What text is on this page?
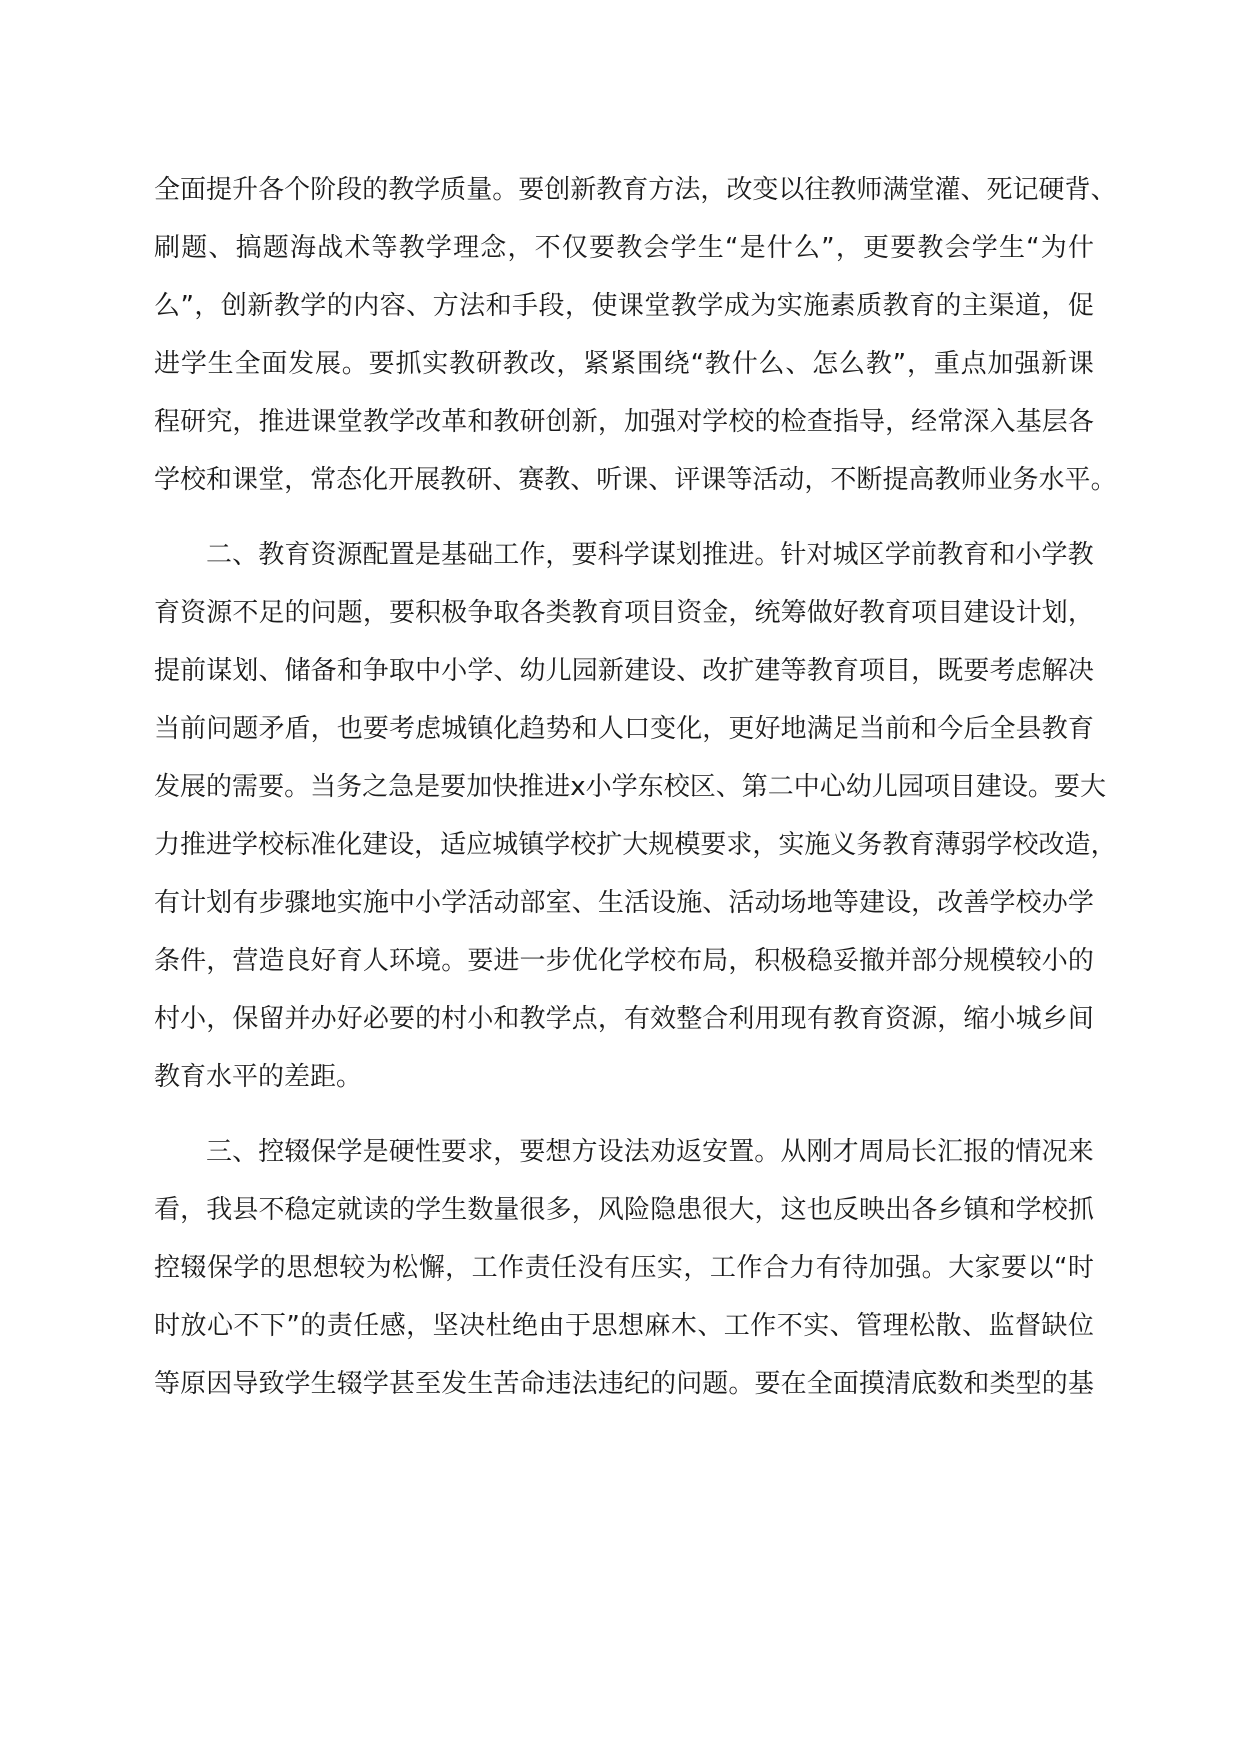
全 面 提 升 各 个 阶 段 的 教 学 质 量 。 要 创 新 教 育 方 法 ， 改 变 以 往 教 师 满 堂 灌 、 死 记 硬 背 、
刷 题 、 搞 题 海 战 术 等 教 学 理 念 ， 不 仅 要 教 会 学 生 “ 是 什 么 ” ， 更 要 教 会 学 生 “ 为 什
么 ” ， 创 新 教 学 的 内 容 、 方 法 和 手 段 ， 使 课 堂 教 学 成 为 实 施 素 质 教 育 的 主 渠 道 ， 促
进 学 生 全 面 发 展 。 要 抓 实 教 研 教 改 ， 紧 紧 围 绕 “ 教 什 么 、 怎 么 教 ” ， 重 点 加 强 新 课
程 研 究 ， 推 进 课 堂 教 学 改 革 和 教 研 创 新 ， 加 强 对 学 校 的 检 查 指 导 ， 经 常 深 入 基 层 各
学 校 和 课 堂 ， 常 态 化 开 展 教 研 、 赛 教 、 听 课 、 评 课 等 活 动 ， 不 断 提 高 教 师 业 务 水 平 。
二 、 教 育 资 源 配 置 是 基 础 工 作 ， 要 科 学 谋 划 推 进 。 针 对 城 区 学 前 教 育 和 小 学 教
育 资 源 不 足 的 问 题 ， 要 积 极 争 取 各 类 教 育 项 目 资 金 ， 统 筹 做 好 教 育 项 目 建 设 计 划 ，
提 前 谋 划 、 储 备 和 争 取 中 小 学 、 幼 儿 园 新 建 设 、 改 扩 建 等 教 育 项 目 ， 既 要 考 虑 解 决
当 前 问 题 矛 盾 ， 也 要 考 虑 城 镇 化 趋 势 和 人 口 变 化 ， 更 好 地 满 足 当 前 和 今 后 全 县 教 育
发 展 的 需 要 。 当 务 之 急 是 要 加 快 推 进 x 小 学 东 校 区 、 第 二 中 心 幼 儿 园 项 目 建 设 。 要 大
力 推 进 学 校 标 准 化 建 设 ， 适 应 城 镇 学 校 扩 大 规 模 要 求 ， 实 施 义 务 教 育 薄 弱 学 校 改 造 ，
有 计 划 有 步 骤 地 实 施 中 小 学 活 动 部 室 、 生 活 设 施 、 活 动 场 地 等 建 设 ， 改 善 学 校 办 学
条 件 ， 营 造 良 好 育 人 环 境 。 要 进 一 步 优 化 学 校 布 局 ， 积 极 稳 妥 撤 并 部 分 规 模 较 小 的
村 小 ， 保 留 并 办 好 必 要 的 村 小 和 教 学 点 ， 有 效 整 合 利 用 现 有 教 育 资 源 ， 缩 小 城 乡 间
教育水平的差距。
三 、 控 辍 保 学 是 硬 性 要 求 ， 要 想 方 设 法 劝 返 安 置 。 从 刚 才 周 局 长 汇 报 的 情 况 来
看 ， 我 县 不 稳 定 就 读 的 学 生 数 量 很 多 ， 风 险 隐 患 很 大 ， 这 也 反 映 出 各 乡 镇 和 学 校 抓
控 辍 保 学 的 思 想 较 为 松 懈 ， 工 作 责 任 没 有 压 实 ， 工 作 合 力 有 待 加 强 。 大 家 要 以 “ 时
时 放 心 不 下 ” 的 责 任 感 ， 坚 决 杜 绝 由 于 思 想 麻 木 、 工 作 不 实 、 管 理 松 散 、 监 督 缺 位
等 原 因 导 致 学 生 辍 学 甚 至 发 生 苦 命 违 法 违 纪 的 问 题 。 要 在 全 面 摸 清 底 数 和 类 型 的 基
